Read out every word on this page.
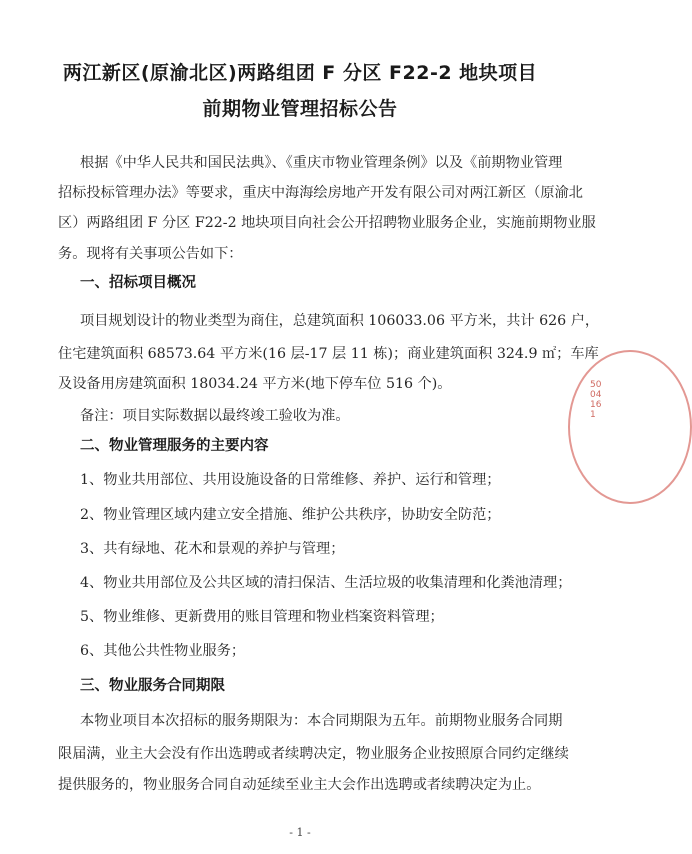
两江新区(原渝北区)两路组团 F 分区 F22-2 地块项目
前期物业管理招标公告
根据《中华人民共和国民法典》、《重庆市物业管理条例》以及《前期物业管理
招标投标管理办法》等要求，重庆中海海绘房地产开发有限公司对两江新区（原渝北
区）两路组团 F 分区 F22-2 地块项目向社会公开招聘物业服务企业，实施前期物业服
务。现将有关事项公告如下：
一、招标项目概况
项目规划设计的物业类型为商住，总建筑面积 106033.06 平方米，共计 626 户，
住宅建筑面积 68573.64 平方米(16 层-17 层 11 栋)；商业建筑面积 324.9 ㎡；车库
及设备用房建筑面积 18034.24 平方米(地下停车位 516 个)。
备注：项目实际数据以最终竣工验收为准。
二、物业管理服务的主要内容
1、物业共用部位、共用设施设备的日常维修、养护、运行和管理；
2、物业管理区域内建立安全措施、维护公共秩序，协助安全防范；
3、共有绿地、花木和景观的养护与管理；
4、物业共用部位及公共区域的清扫保洁、生活垃圾的收集清理和化粪池清理；
5、物业维修、更新费用的账目管理和物业档案资料管理；
6、其他公共性物业服务；
三、物业服务合同期限
本物业项目本次招标的服务期限为：本合同期限为五年。前期物业服务合同期
限届满，业主大会没有作出选聘或者续聘决定，物业服务企业按照原合同约定继续
提供服务的，物业服务合同自动延续至业主大会作出选聘或者续聘决定为止。
- 1 -
5004161
